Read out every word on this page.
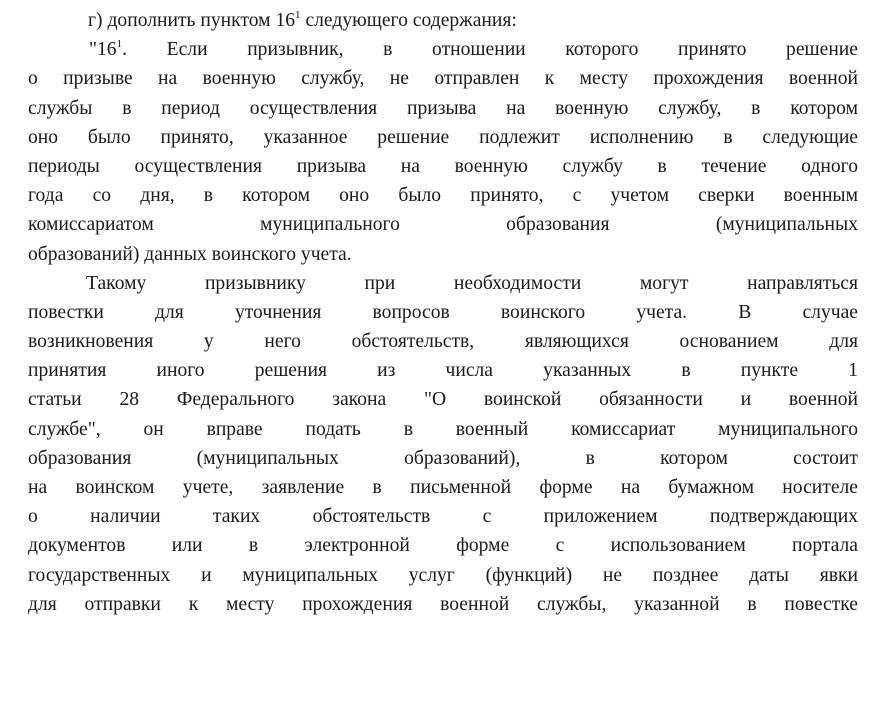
г) дополнить пунктом $16^1$ следующего содержания:
"$16^1$. Если призывник, в отношении которого принято решение
о призыве на военную службу, не отправлен к месту прохождения военной
службы в период осуществления призыва на военную службу, в котором
оно было принято, указанное решение подлежит исполнению в следующие
периоды осуществления призыва на военную службу в течение одного
года со дня, в котором оно было принято, с учетом сверки военным
комиссариатом муниципального образования (муниципальных
образований) данных воинского учета.
Такому призывнику при необходимости могут направляться
повестки для уточнения вопросов воинского учета. В случае
возникновения у него обстоятельств, являющихся основанием для
принятия иного решения из числа указанных в пункте 1
статьи 28 Федерального закона "О воинской обязанности и военной
службе", он вправе подать в военный комиссариат муниципального
образования (муниципальных образований), в котором состоит
на воинском учете, заявление в письменной форме на бумажном носителе
о наличии таких обстоятельств с приложением подтверждающих
документов или в электронной форме с использованием портала
государственных и муниципальных услуг (функций) не позднее даты явки
для отправки к месту прохождения военной службы, указанной в повестке
